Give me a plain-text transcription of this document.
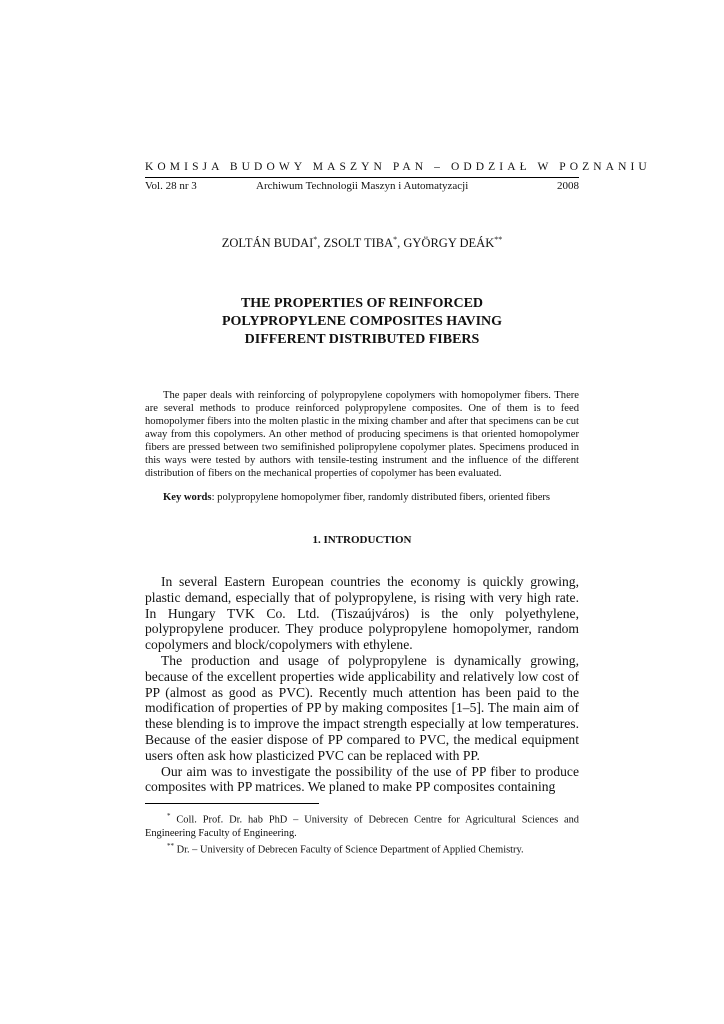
KOMISJA BUDOWY MASZYN PAN – ODDZIAŁ W POZNANIU
Vol. 28 nr 3	Archiwum Technologii Maszyn i Automatyzacji	2008
ZOLTÁN BUDAI*, ZSOLT TIBA*, GYÖRGY DEÁK**
THE PROPERTIES OF REINFORCED
POLYPROPYLENE COMPOSITES HAVING
DIFFERENT DISTRIBUTED FIBERS

The paper deals with reinforcing of polypropylene copolymers with homopolymer fibers. There are several methods to produce reinforced polypropylene composites. One of them is to feed homopolymer fibers into the molten plastic in the mixing chamber and after that specimens can be cut away from this copolymers. An other method of producing specimens is that oriented homopolymer fibers are pressed between two semifinished polipropylene copolymer plates. Specimens produced in this ways were tested by authors with tensile-testing instrument and the influence of the different distribution of fibers on the mechanical properties of copolymer has been evaluated.

Key words: polypropylene homopolymer fiber, randomly distributed fibers, oriented fibers
1. INTRODUCTION

In several Eastern European countries the economy is quickly growing, plastic demand, especially that of polypropylene, is rising with very high rate. In Hungary TVK Co. Ltd. (Tiszaújváros) is the only polyethylene, polypropylene producer. They produce polypropylene homopolymer, random copolymers and block/copolymers with ethylene.

The production and usage of polypropylene is dynamically growing, because of the excellent properties wide applicability and relatively low cost of PP (almost as good as PVC). Recently much attention has been paid to the modification of properties of PP by making composites [1–5]. The main aim of these blending is to improve the impact strength especially at low temperatures. Because of the easier dispose of PP compared to PVC, the medical equipment users often ask how plasticized PVC can be replaced with PP.

Our aim was to investigate the possibility of the use of PP fiber to produce composites with PP matrices. We planed to make PP composites containing

* Coll. Prof. Dr. hab PhD – University of Debrecen Centre for Agricultural Sciences and Engineering Faculty of Engineering.

** Dr. – University of Debrecen Faculty of Science Department of Applied Chemistry.
